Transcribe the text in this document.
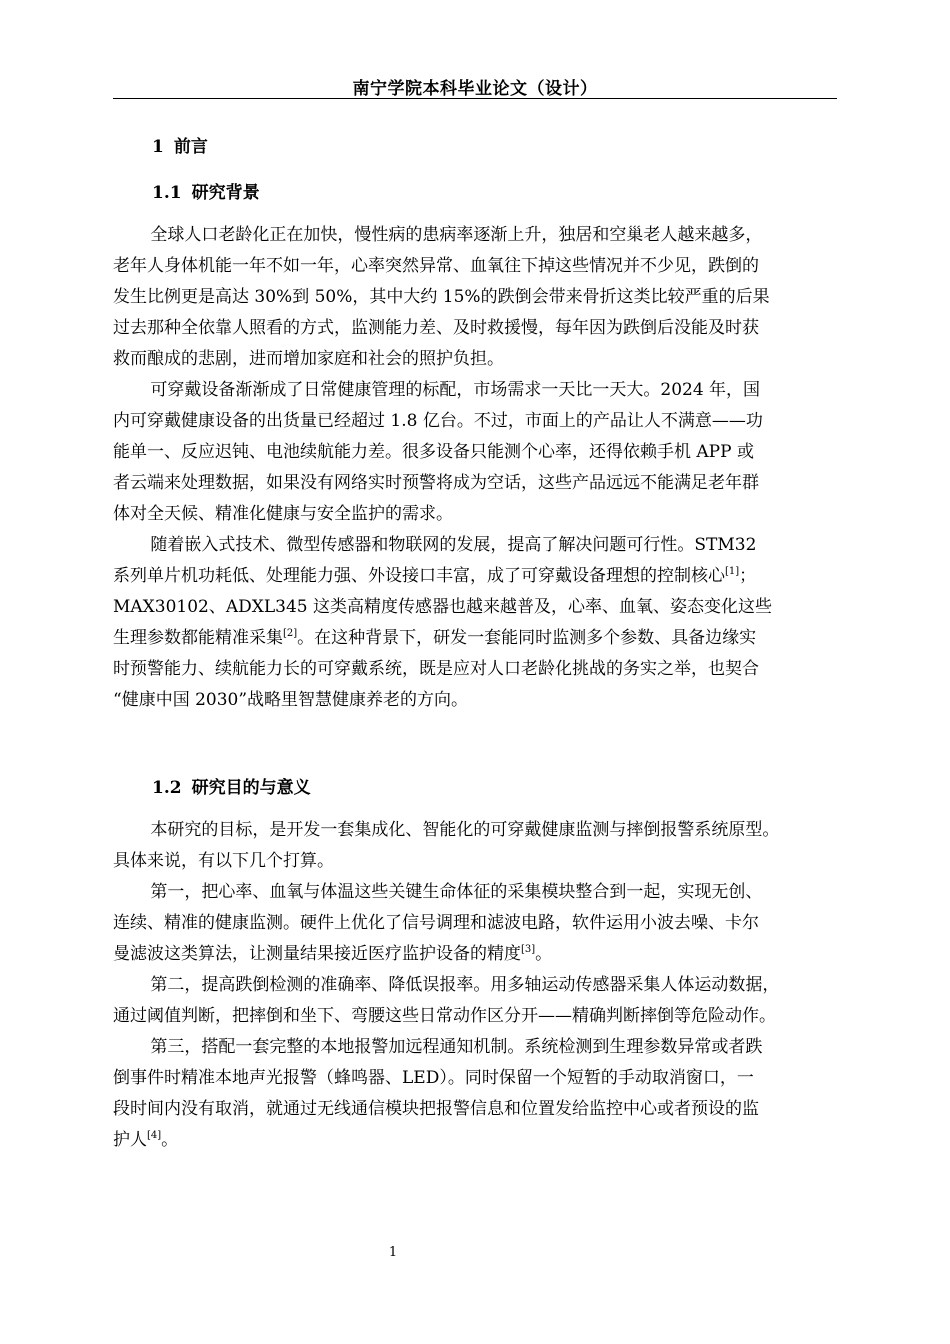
南宁学院本科毕业论文（设计）
1 前言
1.1 研究背景
全球人口老龄化正在加快，慢性病的患病率逐渐上升，独居和空巢老人越来越多，
老年人身体机能一年不如一年，心率突然异常、血氧往下掉这些情况并不少见，跌倒的
发生比例更是高达 30%到 50%，其中大约 15%的跌倒会带来骨折这类比较严重的后果
过去那种全依靠人照看的方式，监测能力差、及时救援慢，每年因为跌倒后没能及时获
救而酿成的悲剧，进而增加家庭和社会的照护负担。
可穿戴设备渐渐成了日常健康管理的标配，市场需求一天比一天大。2024 年，国
内可穿戴健康设备的出货量已经超过 1.8 亿台。不过，市面上的产品让人不满意——功
能单一、反应迟钝、电池续航能力差。很多设备只能测个心率，还得依赖手机 APP 或
者云端来处理数据，如果没有网络实时预警将成为空话，这些产品远远不能满足老年群
体对全天候、精准化健康与安全监护的需求。
随着嵌入式技术、微型传感器和物联网的发展，提高了解决问题可行性。STM32
系列单片机功耗低、处理能力强、外设接口丰富，成了可穿戴设备理想的控制核心[1]；
MAX30102、ADXL345 这类高精度传感器也越来越普及，心率、血氧、姿态变化这些
生理参数都能精准采集[2]。在这种背景下，研发一套能同时监测多个参数、具备边缘实
时预警能力、续航能力长的可穿戴系统，既是应对人口老龄化挑战的务实之举，也契合
“健康中国 2030”战略里智慧健康养老的方向。
1.2 研究目的与意义
本研究的目标，是开发一套集成化、智能化的可穿戴健康监测与摔倒报警系统原型。
具体来说，有以下几个打算。
第一，把心率、血氧与体温这些关键生命体征的采集模块整合到一起，实现无创、
连续、精准的健康监测。硬件上优化了信号调理和滤波电路，软件运用小波去噪、卡尔
曼滤波这类算法，让测量结果接近医疗监护设备的精度[3]。
第二，提高跌倒检测的准确率、降低误报率。用多轴运动传感器采集人体运动数据，
通过阈值判断，把摔倒和坐下、弯腰这些日常动作区分开——精确判断摔倒等危险动作。
第三，搭配一套完整的本地报警加远程通知机制。系统检测到生理参数异常或者跌
倒事件时精准本地声光报警（蜂鸣器、LED）。同时保留一个短暂的手动取消窗口，一
段时间内没有取消，就通过无线通信模块把报警信息和位置发给监控中心或者预设的监
护人[4]。
1
